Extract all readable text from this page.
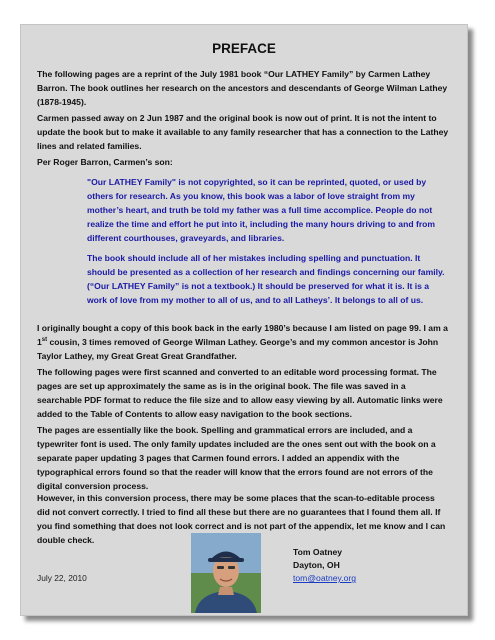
PREFACE
The following pages are a reprint of the July 1981 book “Our LATHEY Family” by Carmen Lathey Barron. The book outlines her research on the ancestors and descendants of George Wilman Lathey (1878-1945).
Carmen passed away on 2 Jun 1987 and the original book is now out of print. It is not the intent to update the book but to make it available to any family researcher that has a connection to the Lathey lines and related families.
Per Roger Barron, Carmen’s son:
"Our LATHEY Family" is not copyrighted, so it can be reprinted, quoted, or used by others for research. As you know, this book was a labor of love straight from my mother’s heart, and truth be told my father was a full time accomplice. People do not realize the time and effort he put into it, including the many hours driving to and from different courthouses, graveyards, and libraries.
The book should include all of her mistakes including spelling and punctuation. It should be presented as a collection of her research and findings concerning our family. (“Our LATHEY Family” is not a textbook.) It should be preserved for what it is. It is a work of love from my mother to all of us, and to all Latheys’. It belongs to all of us.
I originally bought a copy of this book back in the early 1980’s because I am listed on page 99. I am a 1st cousin, 3 times removed of George Wilman Lathey. George’s and my common ancestor is John Taylor Lathey, my Great Great Great Grandfather.
The following pages were first scanned and converted to an editable word processing format. The pages are set up approximately the same as is in the original book. The file was saved in a searchable PDF format to reduce the file size and to allow easy viewing by all. Automatic links were added to the Table of Contents to allow easy navigation to the book sections.
The pages are essentially like the book. Spelling and grammatical errors are included, and a typewriter font is used. The only family updates included are the ones sent out with the book on a separate paper updating 3 pages that Carmen found errors. I added an appendix with the typographical errors found so that the reader will know that the errors found are not errors of the digital conversion process.
However, in this conversion process, there may be some places that the scan-to-editable process did not convert correctly. I tried to find all these but there are no guarantees that I found them all. If you find something that does not look correct and is not part of the appendix, let me know and I can double check.
July 22, 2010
Tom Oatney
Dayton, OH
tom@oatney.org
